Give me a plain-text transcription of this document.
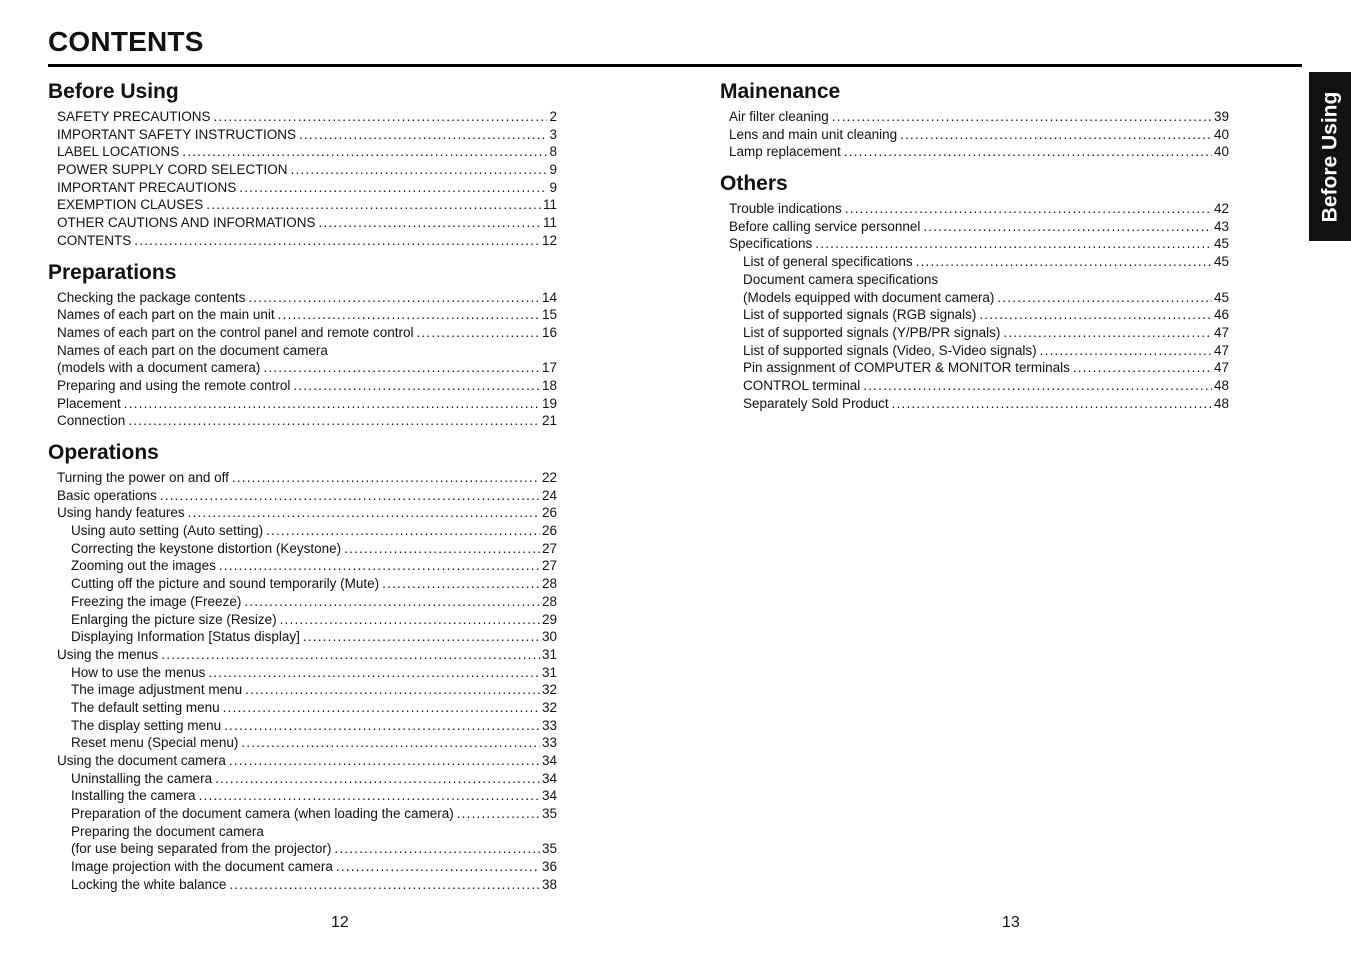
CONTENTS
Before Using
Before Using
SAFETY PRECAUTIONS .....	2
IMPORTANT SAFETY INSTRUCTIONS .....	3
LABEL LOCATIONS .....	8
POWER SUPPLY CORD SELECTION .....	9
IMPORTANT PRECAUTIONS .....	9
EXEMPTION CLAUSES .....	11
OTHER CAUTIONS AND INFORMATIONS .....	11
CONTENTS .....	12
Preparations
Checking the package contents .....	14
Names of each part on the main unit .....	15
Names of each part on the control panel and remote control .....	16
Names of each part on the document camera
(models with a document camera) .....	17
Preparing and using the remote control .....	18
Placement .....	19
Connection .....	21
Operations
Turning the power on and off .....	22
Basic operations .....	24
Using handy features .....	26
Using auto setting (Auto setting) .....	26
Correcting the keystone distortion (Keystone) .....	27
Zooming out the images .....	27
Cutting off the picture and sound temporarily (Mute) .....	28
Freezing the image (Freeze) .....	28
Enlarging the picture size (Resize) .....	29
Displaying Information [Status display] .....	30
Using the menus .....	31
How to use the menus .....	31
The image adjustment menu .....	32
The default setting menu .....	32
The display setting menu .....	33
Reset menu (Special menu) .....	33
Using the document camera .....	34
Uninstalling the camera .....	34
Installing the camera .....	34
Preparation of the document camera (when loading the camera) .....	35
Preparing the document camera
(for use being separated from the projector) .....	35
Image projection with the document camera .....	36
Locking the white balance .....	38
Mainenance
Air filter cleaning .....	39
Lens and main unit cleaning .....	40
Lamp replacement .....	40
Others
Trouble indications .....	42
Before calling service personnel .....	43
Specifications .....	45
List of general specifications .....	45
Document camera specifications
(Models equipped with document camera) .....	45
List of supported signals (RGB signals) .....	46
List of supported signals (Y/PB/PR signals) .....	47
List of supported signals (Video, S-Video signals) .....	47
Pin assignment of COMPUTER & MONITOR terminals .....	47
CONTROL terminal .....	48
Separately Sold Product .....	48
12	13
